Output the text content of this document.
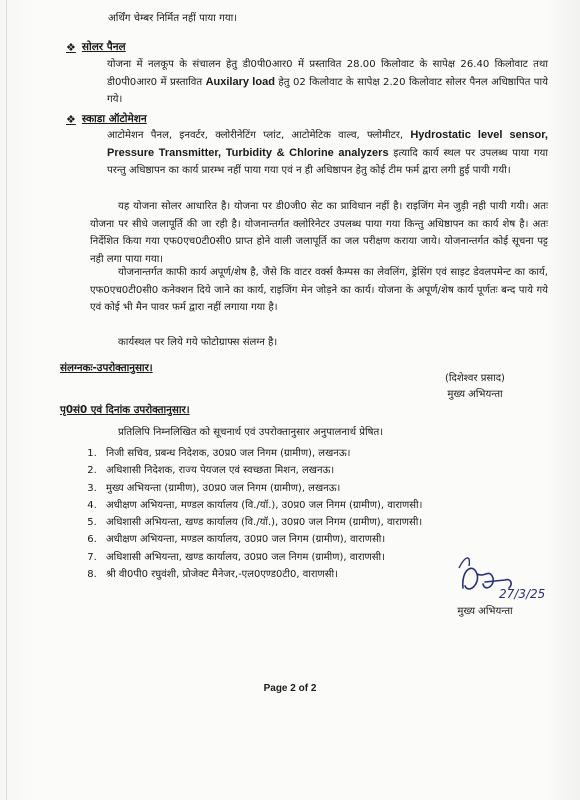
अर्थिंग चेम्बर निर्मित नहीं पाया गया।

❖ सोलर पैनल

योजना में नलकूप के संचालन हेतु डी0पी0आर0 में प्रस्तावित 28.00 किलोवाट के सापेक्ष 26.40 किलोवाट तथा डी0पी0आर0 में प्रस्तावित Auxilary load हेतु 02 किलोवाट के सापेक्ष 2.20 किलोवाट सोलर पैनल अधिष्ठापित पाये गये।

❖ स्काडा ऑटोमेशन

आटोमेशन पैनल, इनवर्टर, क्लोरीनेटिंग प्लांट, आटोमेटिक वाल्व, फ्लोमीटर, Hydrostatic level sensor, Pressure Transmitter, Turbidity & Chlorine analyzers इत्यादि कार्य स्थल पर उपलब्ध पाया गया परन्तु अधिष्ठापन का कार्य प्रारम्भ नहीं पाया गया एवं न ही अधिष्ठापन हेतु कोई टीम फर्म द्वारा लगी हुई पायी गयी।

यह योजना सोलर आधारित है। योजना पर डी0जी0 सेट का प्राविधान नहीं है। राइजिंग मेन जुड़ी नही पायी गयी। अतः योजना पर सीधे जलापूर्ति की जा रही है। योजनान्तर्गत क्लोरिनेटर उपलब्ध पाया गया किन्तु अधिष्ठापन का कार्य शेष है। अतः निर्देशित किया गया एफ0एच0टी0सी0 प्राप्त होने वाली जलापूर्ति का जल परीक्षण कराया जाये। योजनान्तर्गत कोई सूचना पट्ट नही लगा पाया गया।

योजनान्तर्गत काफी कार्य अपूर्ण/शेष है, जैसे कि वाटर वर्क्स कैम्पस का लेवलिंग, ड्रेसिंग एवं साइट डेवलपमेन्ट का कार्य, एफ0एच0टी0सी0 कनेक्शन दिये जाने का कार्य, राइजिंग मेन जोड़ने का कार्य। योजना के अपूर्ण/शेष कार्य पूर्णतः बन्द पाये गये एवं कोई भी मैन पावर फर्म द्वारा नहीं लगाया गया है।

कार्यस्थल पर लिये गये फोटोग्राफ्स संलग्न है।

संलग्नकः-उपरोक्तानुसार।
(दिशेश्वर प्रसाद)
मुख्य अभियन्ता
पृ0सं0 एवं दिनांक उपरोक्तानुसार।

प्रतिलिपि निम्नलिखित को सूचनार्थ एवं उपरोक्तानुसार अनुपालनार्थ प्रेषित।

1. निजी सचिव, प्रबन्ध निदेशक, उ0प्र0 जल निगम (ग्रामीण), लखनऊ।
2. अधिशासी निदेशक, राज्य पेयजल एवं स्वच्छता मिशन, लखनऊ।
3. मुख्य अभियन्ता (ग्रामीण), उ0प्र0 जल निगम (ग्रामीण), लखनऊ।
4. अधीक्षण अभियन्ता, मण्डल कार्यालय (वि./यॉ.), उ0प्र0 जल निगम (ग्रामीण), वाराणसी।
5. अधिशासी अभियन्ता, खण्ड कार्यालय (वि./यॉ.), उ0प्र0 जल निगम (ग्रामीण), वाराणसी।
6. अधीक्षण अभियन्ता, मण्डल कार्यालय, उ0प्र0 जल निगम (ग्रामीण), वाराणसी।
7. अधिशासी अभियन्ता, खण्ड कार्यालय, उ0प्र0 जल निगम (ग्रामीण), वाराणसी।
8. श्री वी0पी0 रघुवंशी, प्रोजेक्ट मैनेजर,-एल0एण्ड0टी0, वाराणसी।
27/3/25
मुख्य अभियन्ता
Page 2 of 2
